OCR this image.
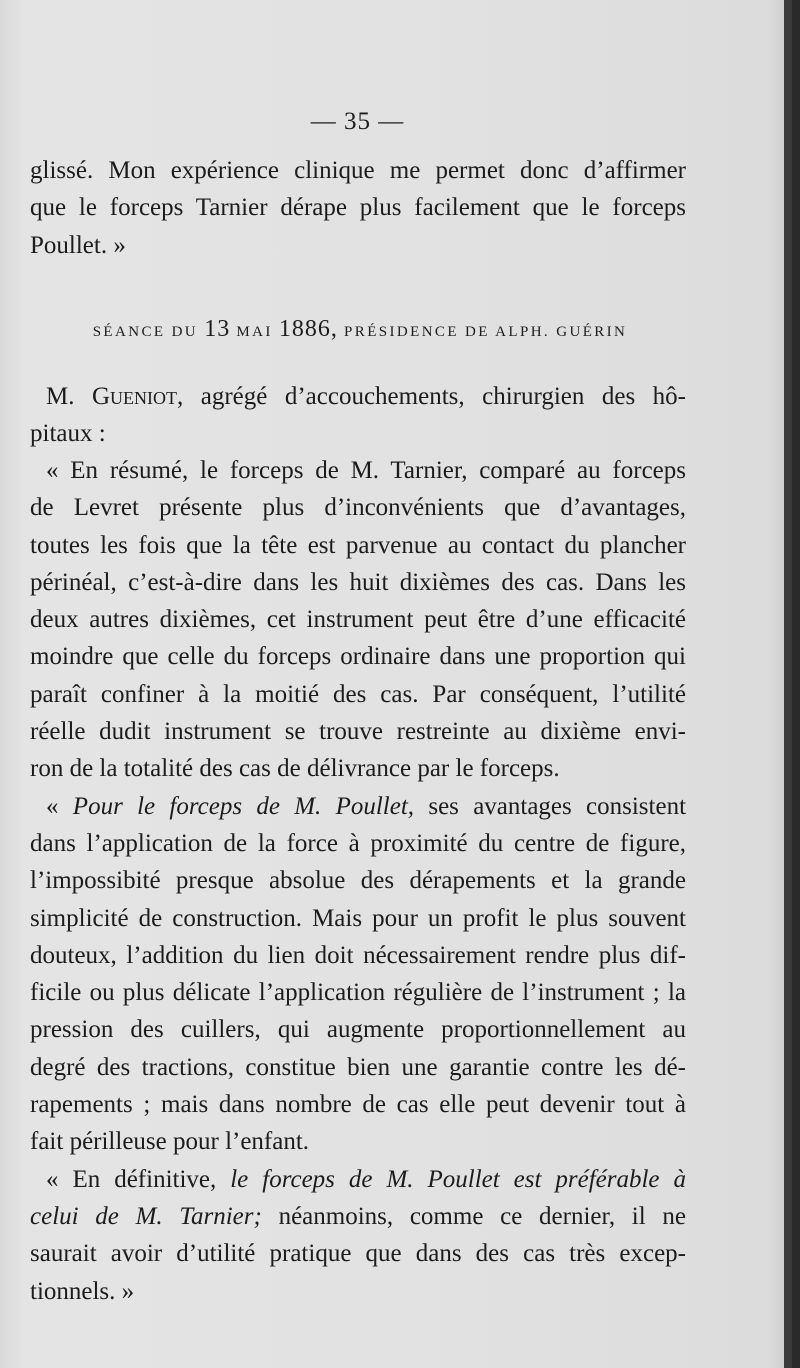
— 35 —
glissé. Mon expérience clinique me permet donc d’affirmer
que le forceps Tarnier dérape plus facilement que le forceps
Poullet. »
SÉANCE DU 13 MAI 1886, PRÉSIDENCE DE ALPH. GUÉRIN
M. Gueniot, agrégé d’accouchements, chirurgien des hô-
pitaux :
« En résumé, le forceps de M. Tarnier, comparé au forceps
de Levret présente plus d’inconvénients que d’avantages,
toutes les fois que la tête est parvenue au contact du plancher
périnéal, c’est-à-dire dans les huit dixièmes des cas. Dans les
deux autres dixièmes, cet instrument peut être d’une efficacité
moindre que celle du forceps ordinaire dans une proportion qui
paraît confiner à la moitié des cas. Par conséquent, l’utilité
réelle dudit instrument se trouve restreinte au dixième envi-
ron de la totalité des cas de délivrance par le forceps.
« Pour le forceps de M. Poullet, ses avantages consistent
dans l’application de la force à proximité du centre de figure,
l’impossibité presque absolue des dérapements et la grande
simplicité de construction. Mais pour un profit le plus souvent
douteux, l’addition du lien doit nécessairement rendre plus dif-
ficile ou plus délicate l’application régulière de l’instrument ; la
pression des cuillers, qui augmente proportionnellement au
degré des tractions, constitue bien une garantie contre les dé-
rapements ; mais dans nombre de cas elle peut devenir tout à
fait périlleuse pour l’enfant.
« En définitive, le forceps de M. Poullet est préférable à
celui de M. Tarnier; néanmoins, comme ce dernier, il ne
saurait avoir d’utilité pratique que dans des cas très excep-
tionnels. »
